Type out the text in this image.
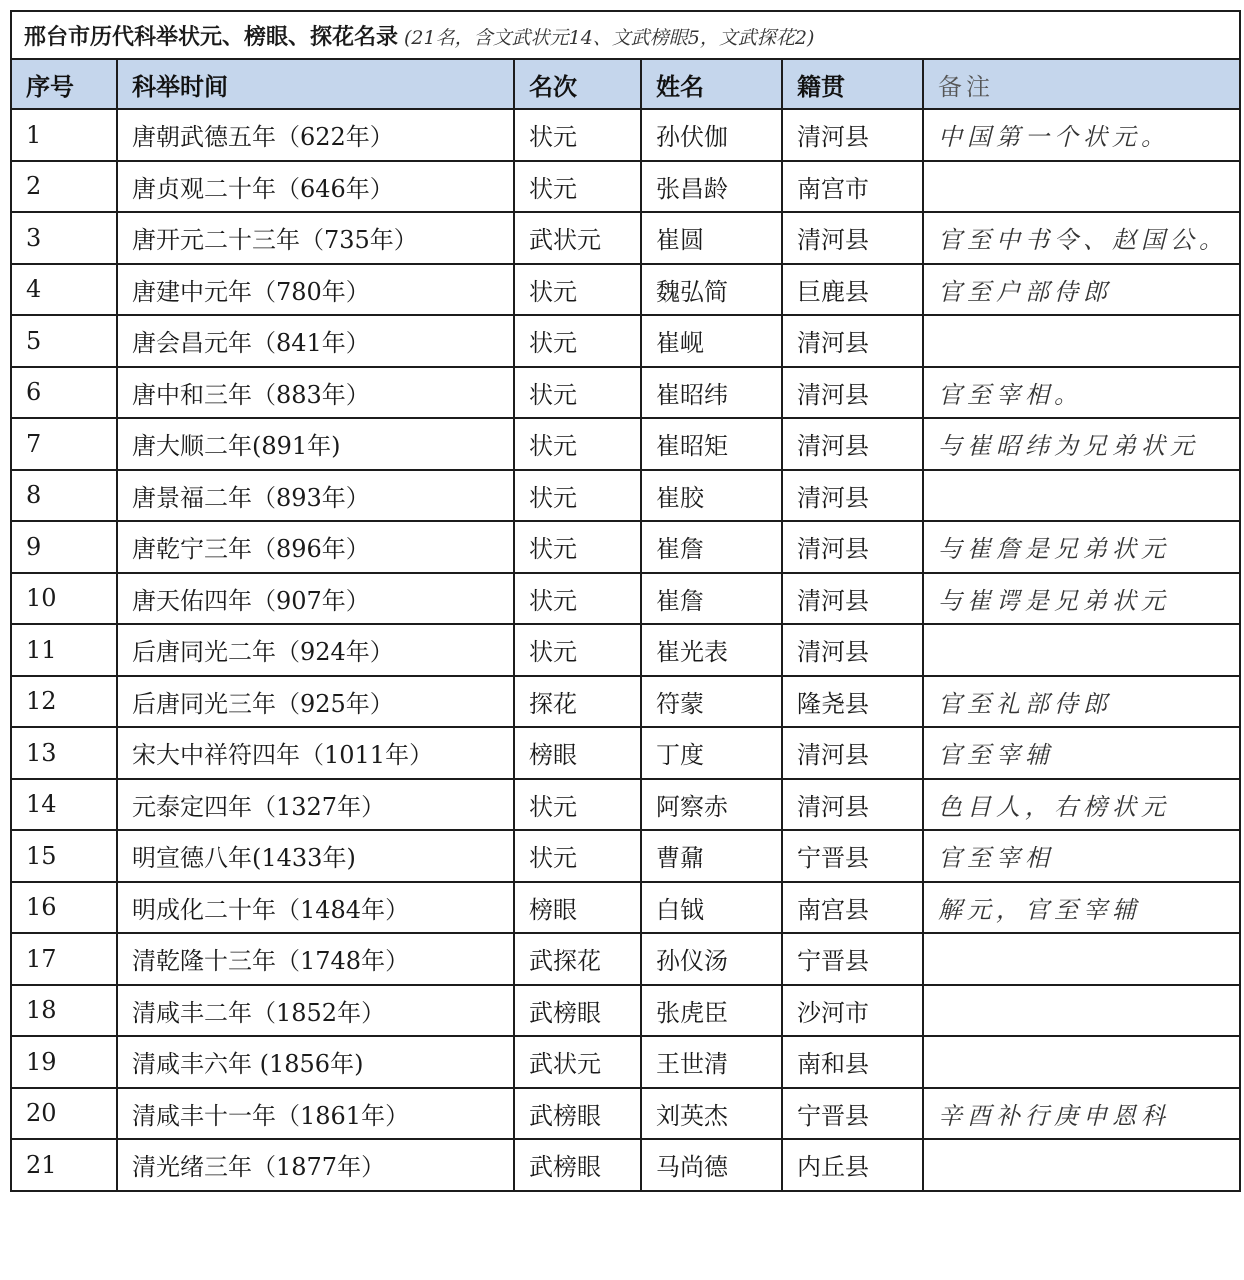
邢台市历代科举状元、榜眼、探花名录 (21名，含文武状元14、文武榜眼5，文武探花2)					
序号	科举时间	名次	姓名	籍贯	备注
1	唐朝武德五年（622年）	状元	孙伏伽	清河县	中国第一个状元。
2	唐贞观二十年（646年）	状元	张昌龄	南宫市	
3	唐开元二十三年（735年）	武状元	崔圆	清河县	官至中书令、赵国公。
4	唐建中元年（780年）	状元	魏弘简	巨鹿县	官至户部侍郎
5	唐会昌元年（841年）	状元	崔岘	清河县	
6	唐中和三年（883年）	状元	崔昭纬	清河县	官至宰相。
7	唐大顺二年(891年)	状元	崔昭矩	清河县	与崔昭纬为兄弟状元
8	唐景福二年（893年）	状元	崔胶	清河县	
9	唐乾宁三年（896年）	状元	崔詹	清河县	与崔詹是兄弟状元
10	唐天佑四年（907年）	状元	崔詹	清河县	与崔谔是兄弟状元
11	后唐同光二年（924年）	状元	崔光表	清河县	
12	后唐同光三年（925年）	探花	符蒙	隆尧县	官至礼部侍郎
13	宋大中祥符四年（1011年）	榜眼	丁度	清河县	官至宰辅
14	元泰定四年（1327年）	状元	阿察赤	清河县	色目人，右榜状元
15	明宣德八年(1433年)	状元	曹鼐	宁晋县	官至宰相
16	明成化二十年（1484年）	榜眼	白钺	南宫县	解元，官至宰辅
17	清乾隆十三年（1748年）	武探花	孙仪汤	宁晋县	
18	清咸丰二年（1852年）	武榜眼	张虎臣	沙河市	
19	清咸丰六年 (1856年)	武状元	王世清	南和县	
20	清咸丰十一年（1861年）	武榜眼	刘英杰	宁晋县	辛酉补行庚申恩科
21	清光绪三年（1877年）	武榜眼	马尚德	内丘县	
